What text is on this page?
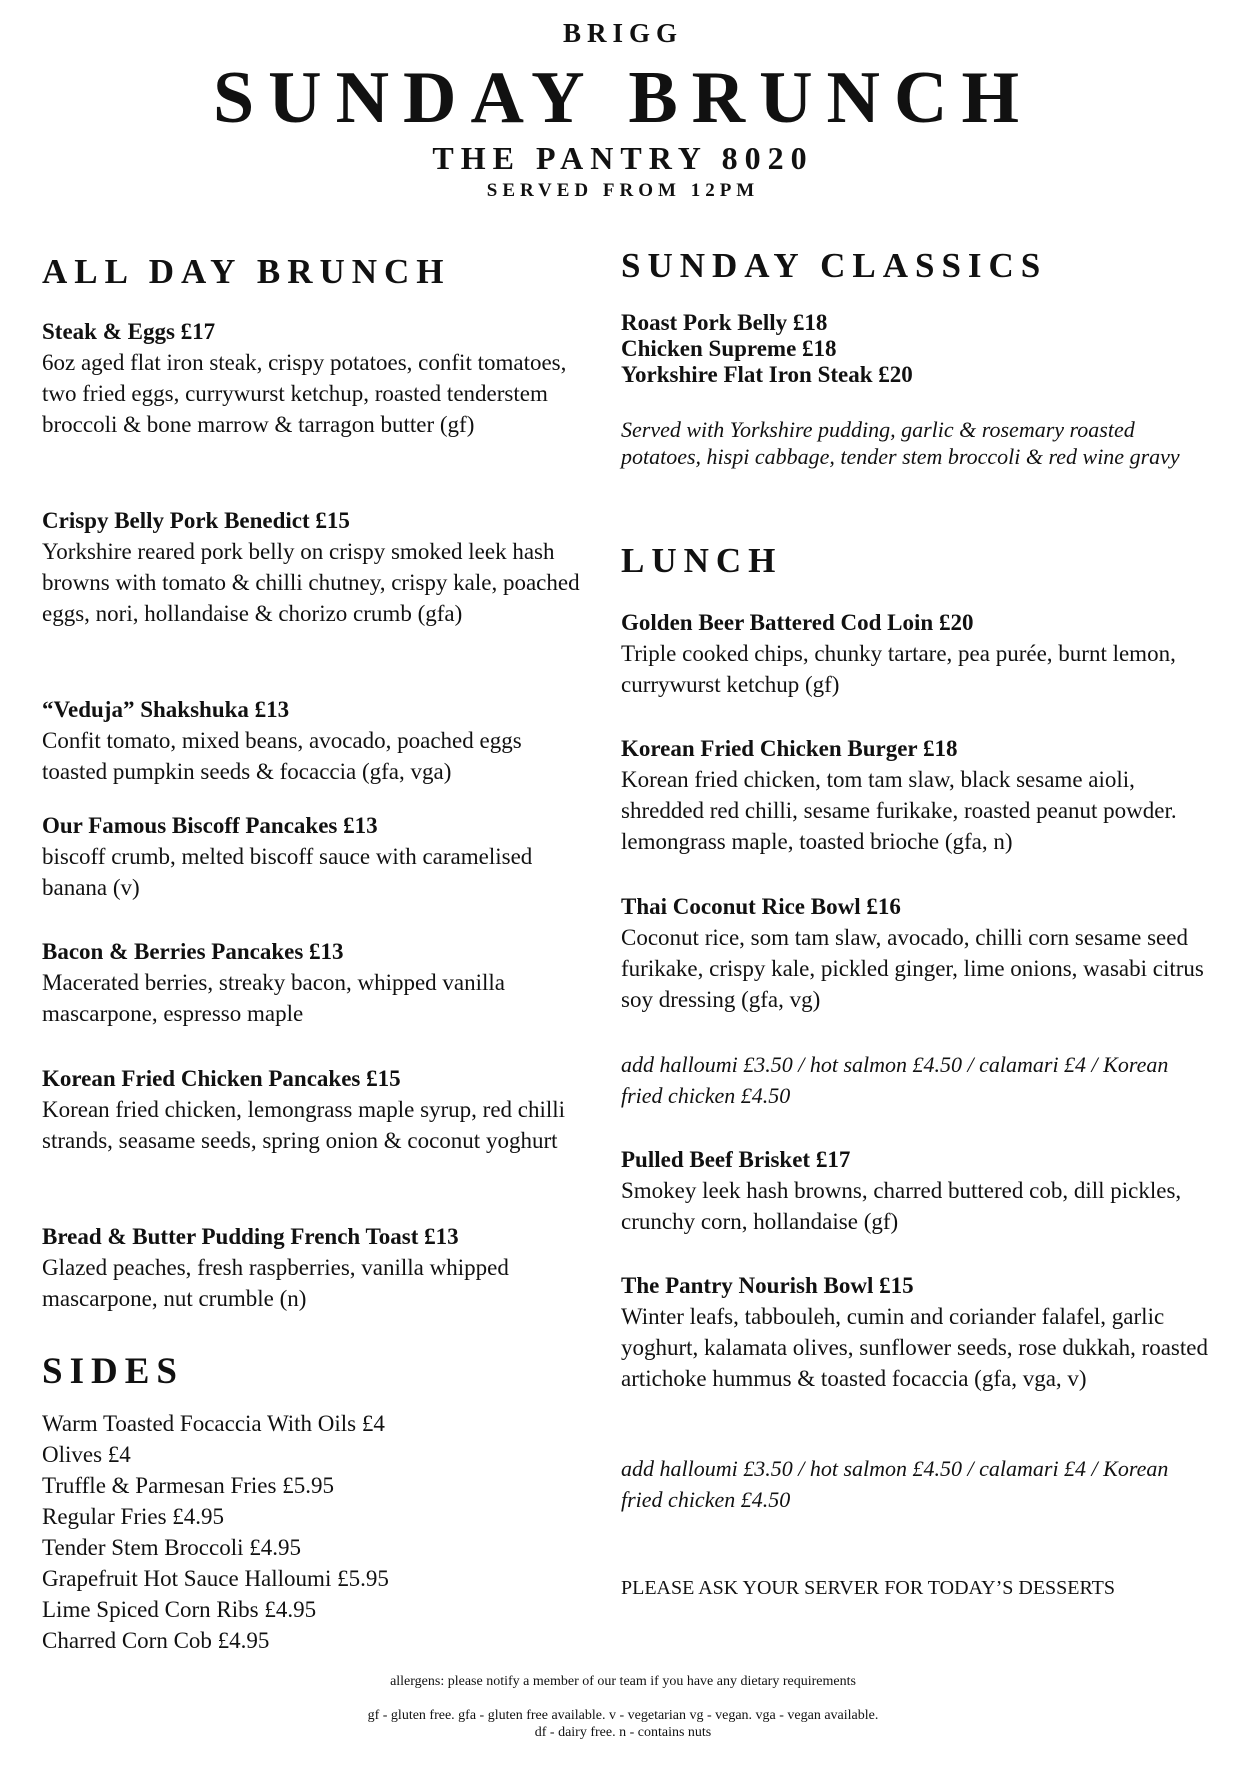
BRIGG
SUNDAY BRUNCH
THE PANTRY 8020
SERVED FROM 12PM
ALL DAY BRUNCH
Steak & Eggs £17
6oz aged flat iron steak, crispy potatoes, confit tomatoes, two fried eggs, currywurst ketchup, roasted tenderstem broccoli & bone marrow & tarragon butter (gf)
Crispy Belly Pork Benedict £15
Yorkshire reared pork belly on crispy smoked leek hash browns with tomato & chilli chutney, crispy kale, poached eggs, nori, hollandaise & chorizo crumb (gfa)
“Veduja” Shakshuka £13
Confit tomato, mixed beans, avocado, poached eggs toasted pumpkin seeds & focaccia (gfa, vga)
Our Famous Biscoff Pancakes £13
biscoff crumb, melted biscoff sauce with caramelised banana (v)
Bacon & Berries Pancakes £13
Macerated berries, streaky bacon, whipped vanilla mascarpone, espresso maple
Korean Fried Chicken Pancakes £15
Korean fried chicken, lemongrass maple syrup, red chilli strands, seasame seeds, spring onion & coconut yoghurt
Bread & Butter Pudding French Toast £13
Glazed peaches, fresh raspberries, vanilla whipped mascarpone, nut crumble (n)
SIDES
Warm Toasted Focaccia With Oils £4
Olives £4
Truffle & Parmesan Fries £5.95
Regular Fries £4.95
Tender Stem Broccoli £4.95
Grapefruit Hot Sauce Halloumi £5.95
Lime Spiced Corn Ribs £4.95
Charred Corn Cob £4.95
SUNDAY CLASSICS
Roast Pork Belly £18
Chicken Supreme £18
Yorkshire Flat Iron Steak £20
Served with Yorkshire pudding, garlic & rosemary roasted potatoes, hispi cabbage, tender stem broccoli & red wine gravy
LUNCH
Golden Beer Battered Cod Loin £20
Triple cooked chips, chunky tartare, pea purée, burnt lemon, currywurst ketchup (gf)
Korean Fried Chicken Burger £18
Korean fried chicken, tom tam slaw, black sesame aioli, shredded red chilli, sesame furikake, roasted peanut powder. lemongrass maple, toasted brioche (gfa, n)
Thai Coconut Rice Bowl £16
Coconut rice, som tam slaw, avocado, chilli corn sesame seed furikake, crispy kale, pickled ginger, lime onions, wasabi citrus soy dressing (gfa, vg)
add halloumi £3.50 / hot salmon £4.50 / calamari £4 / Korean fried chicken £4.50
Pulled Beef Brisket £17
Smokey leek hash browns, charred buttered cob, dill pickles, crunchy corn, hollandaise (gf)
The Pantry Nourish Bowl £15
Winter leafs, tabbouleh, cumin and coriander falafel, garlic yoghurt, kalamata olives, sunflower seeds, rose dukkah, roasted artichoke hummus & toasted focaccia (gfa, vga, v)
add halloumi £3.50 / hot salmon £4.50 / calamari £4 / Korean fried chicken £4.50
PLEASE ASK YOUR SERVER FOR TODAY’S DESSERTS
allergens: please notify a member of our team if you have any dietary requirements
gf - gluten free. gfa - gluten free available. v - vegetarian vg - vegan. vga - vegan available.
df - dairy free. n - contains nuts
